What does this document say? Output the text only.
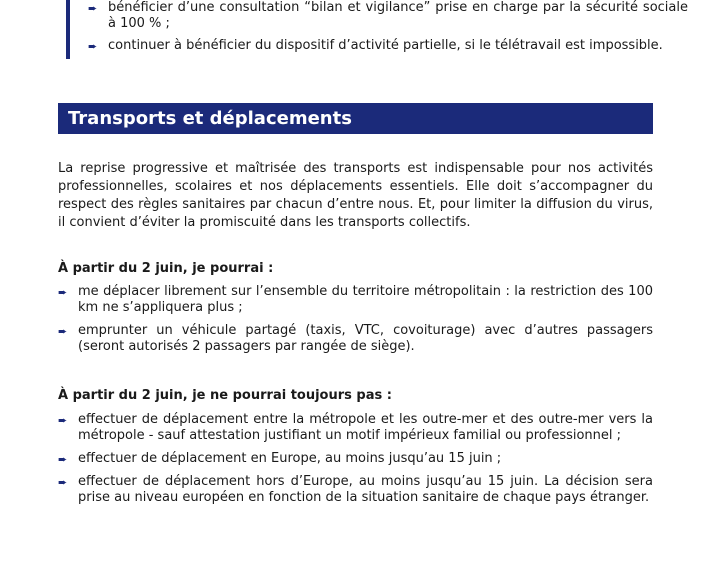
➨ bénéficier d’une consultation “bilan et vigilance” prise en charge par la sécurité sociale à 100 % ;
➨ continuer à bénéficier du dispositif d’activité partielle, si le télétravail est impossible.
Transports et déplacements
La reprise progressive et maîtrisée des transports est indispensable pour nos activités professionnelles, scolaires et nos déplacements essentiels. Elle doit s’accompagner du respect des règles sanitaires par chacun d’entre nous. Et, pour limiter la diffusion du virus, il convient d’éviter la promiscuité dans les transports collectifs.
À partir du 2 juin, je pourrai :
➨ me déplacer librement sur l’ensemble du territoire métropolitain : la restriction des 100 km ne s’appliquera plus ;
➨ emprunter un véhicule partagé (taxis, VTC, covoiturage) avec d’autres passagers (seront autorisés 2 passagers par rangée de siège).
À partir du 2 juin, je ne pourrai toujours pas :
➨ effectuer de déplacement entre la métropole et les outre-mer et des outre-mer vers la métropole - sauf attestation justifiant un motif impérieux familial ou professionnel ;
➨ effectuer de déplacement en Europe, au moins jusqu’au 15 juin ;
➨ effectuer de déplacement hors d’Europe, au moins jusqu’au 15 juin. La décision sera prise au niveau européen en fonction de la situation sanitaire de chaque pays étranger.
